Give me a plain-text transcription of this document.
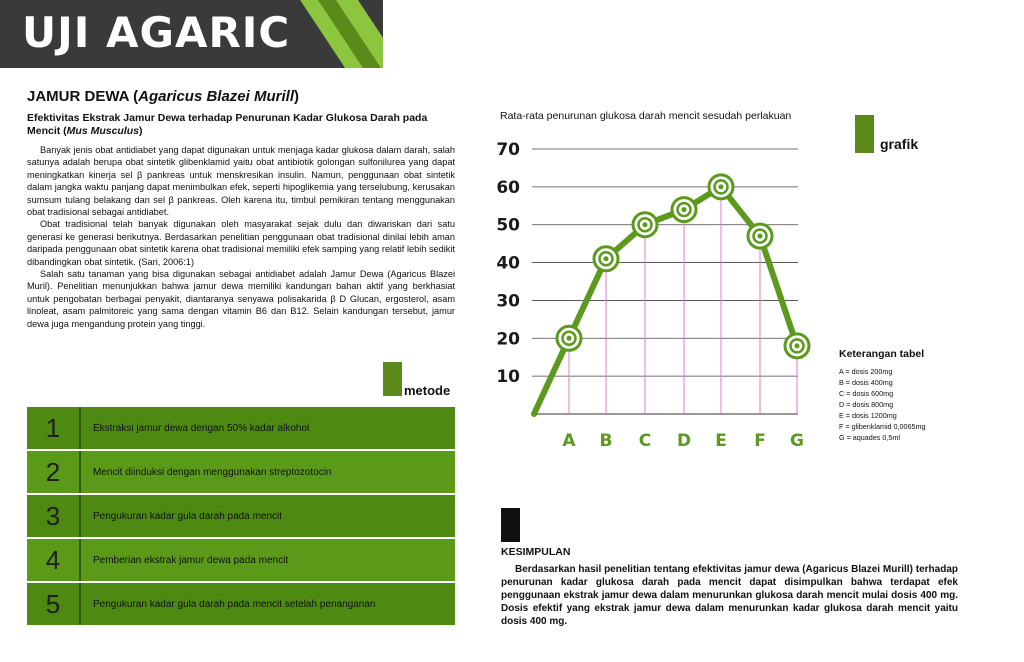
UJI AGARIC
JAMUR DEWA (Agaricus Blazei Murill)
Efektivitas Ekstrak Jamur Dewa terhadap Penurunan Kadar Glukosa Darah pada Mencit (Mus Musculus)

Banyak jenis obat antidiabet yang dapat digunakan untuk menjaga kadar glukosa dalam darah, salah satunya adalah berupa obat sintetik glibenklamid yaitu obat antibiotik golongan sulfonilurea yang dapat meningkatkan kinerja sel β pankreas untuk menskresikan insulin. Namun, penggunaan obat sintetik dalam jangka waktu panjang dapat menimbulkan efek, seperti hipoglikemia yang terselubung, kerusakan sumsum tulang belakang dan sel β pankreas. Oleh karena itu, timbul pemikiran tentang menggunakan obat tradisional sebagai antidiabet.

Obat tradisional telah banyak digunakan oleh masyarakat sejak dulu dan diwariskan dari satu generasi ke generasi berikutnya. Berdasarkan penelitian penggunaan obat tradisional dinilai lebih aman daripada penggunaan obat sintetik karena obat tradisional memiliki efek samping yang relatif lebih sedikit dibandingkan obat sintetik. (Sari, 2006:1)

Salah satu tanaman yang bisa digunakan sebagai antidiabet adalah Jamur Dewa (Agaricus Blazei Muril). Penelitian menunjukkan bahwa jamur dewa memiliki kandungan bahan aktif yang berkhasiat untuk pengobatan berbagai penyakit, diantaranya senyawa polisakarida β D Glucan, ergosterol, asam linoleat, asam palmitoreic yang sama dengan vitamin B6 dan B12. Selain kandungan tersebut, jamur dewa juga mengandung protein yang tinggi.

metode
1	Ekstraksi jamur dewa dengan 50% kadar alkohol
2	Mencit diinduksi dengan menggunakan streptozotocin
3	Pengukuran kadar gula darah pada mencit
4	Pemberian ekstrak jamur dewa pada mencit
5	Pengukuran kadar gula darah pada mencit setelah penanganan
Rata-rata penurunan glukosa darah mencit sesudah perlakuan
grafik
10
20
30
40
50
60
70
A B C D E F G
Keterangan tabel
A = dosis 200mg
B = dosis 400mg
C = dosis 600mg
D = dosis 800mg
E = dosis 1200mg
F = glibenklamid 0,0065mg
G = aquades 0,5ml
KESIMPULAN
Berdasarkan hasil penelitian tentang efektivitas jamur dewa (Agaricus Blazei Murill) terhadap penurunan kadar glukosa darah pada mencit dapat disimpulkan bahwa terdapat efek penggunaan ekstrak jamur dewa dalam menurunkan glukosa darah mencit mulai dosis 400 mg. Dosis efektif yang ekstrak jamur dewa dalam menurunkan kadar glukosa darah mencit yaitu dosis 400 mg.
